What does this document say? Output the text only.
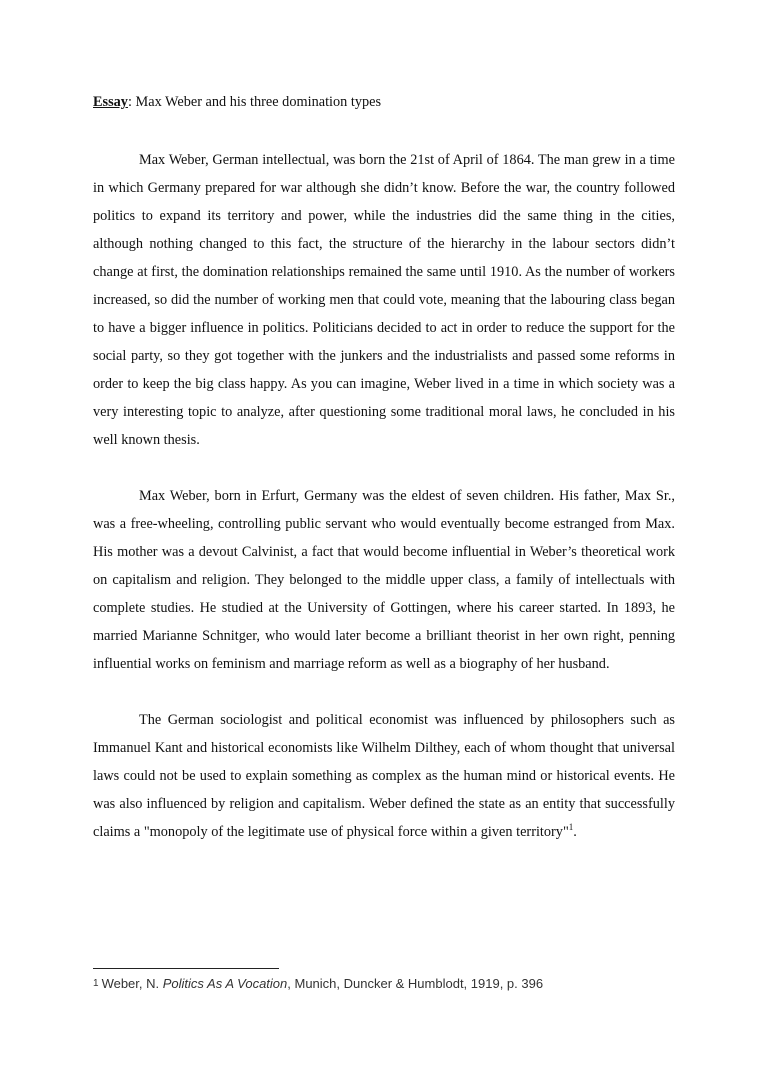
Essay: Max Weber and his three domination types

Max Weber, German intellectual, was born the 21st of April of 1864. The man grew in a time in which Germany prepared for war although she didn’t know. Before the war, the country followed politics to expand its territory and power, while the industries did the same thing in the cities, although nothing changed to this fact, the structure of the hierarchy in the labour sectors didn’t change at first, the domination relationships remained the same until 1910. As the number of workers increased, so did the number of working men that could vote, meaning that the labouring class began to have a bigger influence in politics. Politicians decided to act in order to reduce the support for the social party, so they got together with the junkers and the industrialists and passed some reforms in order to keep the big class happy. As you can imagine, Weber lived in a time in which society was a very interesting topic to analyze, after questioning some traditional moral laws, he concluded in his well known thesis.

Max Weber, born in Erfurt, Germany was the eldest of seven children. His father, Max Sr., was a free-wheeling, controlling public servant who would eventually become estranged from Max. His mother was a devout Calvinist, a fact that would become influential in Weber’s theoretical work on capitalism and religion. They belonged to the middle upper class, a family of intellectuals with complete studies. He studied at the University of Gottingen, where his career started. In 1893, he married Marianne Schnitger, who would later become a brilliant theorist in her own right, penning influential works on feminism and marriage reform as well as a biography of her husband.

The German sociologist and political economist was influenced by philosophers such as Immanuel Kant and historical economists like Wilhelm Dilthey, each of whom thought that universal laws could not be used to explain something as complex as the human mind or historical events. He was also influenced by religion and capitalism. Weber defined the state as an entity that successfully claims a "monopoly of the legitimate use of physical force within a given territory"$^1$.

1 Weber, N. Politics As A Vocation, Munich, Duncker & Humblodt, 1919, p. 396
